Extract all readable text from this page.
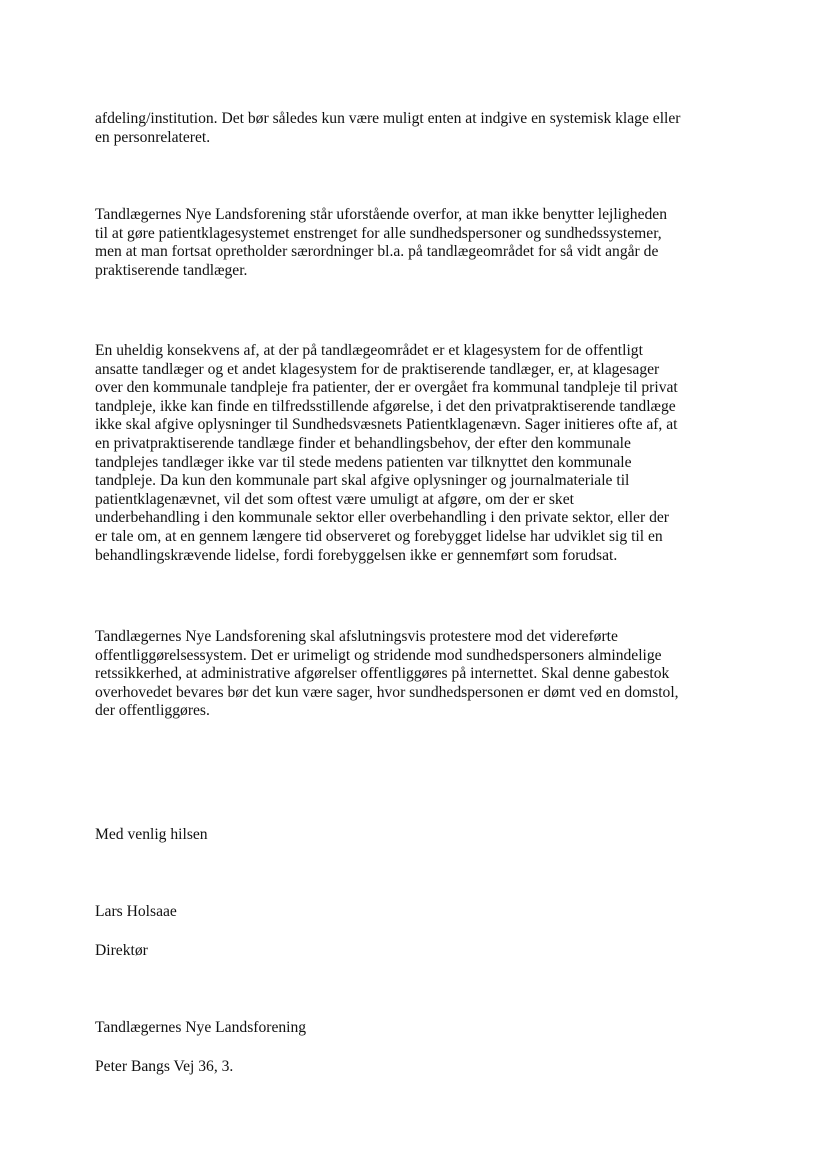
afdeling/institution. Det bør således kun være muligt enten at indgive en systemisk klage eller
en personrelateret.

Tandlægernes Nye Landsforening står uforstående overfor, at man ikke benytter lejligheden
til at gøre patientklagesystemet enstrenget for alle sundhedspersoner og sundhedssystemer,
men at man fortsat opretholder særordninger bl.a. på tandlægeområdet for så vidt angår de
praktiserende tandlæger.

En uheldig konsekvens af, at der på tandlægeområdet er et klagesystem for de offentligt
ansatte tandlæger og et andet klagesystem for de praktiserende tandlæger, er, at klagesager
over den kommunale tandpleje fra patienter, der er overgået fra kommunal tandpleje til privat
tandpleje, ikke kan finde en tilfredsstillende afgørelse, i det den privatpraktiserende tandlæge
ikke skal afgive oplysninger til Sundhedsvæsnets Patientklagenævn. Sager initieres ofte af, at
en privatpraktiserende tandlæge finder et behandlingsbehov, der efter den kommunale
tandplejes tandlæger ikke var til stede medens patienten var tilknyttet den kommunale
tandpleje. Da kun den kommunale part skal afgive oplysninger og journalmateriale til
patientklagenævnet, vil det som oftest være umuligt at afgøre, om der er sket
underbehandling i den kommunale sektor eller overbehandling i den private sektor, eller der
er tale om, at en gennem længere tid observeret og forebygget lidelse har udviklet sig til en
behandlingskrævende lidelse, fordi forebyggelsen ikke er gennemført som forudsat.

Tandlægernes Nye Landsforening skal afslutningsvis protestere mod det videreførte
offentliggørelsessystem. Det er urimeligt og stridende mod sundhedspersoners almindelige
retssikkerhed, at administrative afgørelser offentliggøres på internettet. Skal denne gabestok
overhovedet bevares bør det kun være sager, hvor sundhedspersonen er dømt ved en domstol,
der offentliggøres.

Med venlig hilsen

Lars Holsaae

Direktør

Tandlægernes Nye Landsforening

Peter Bangs Vej 36, 3.
